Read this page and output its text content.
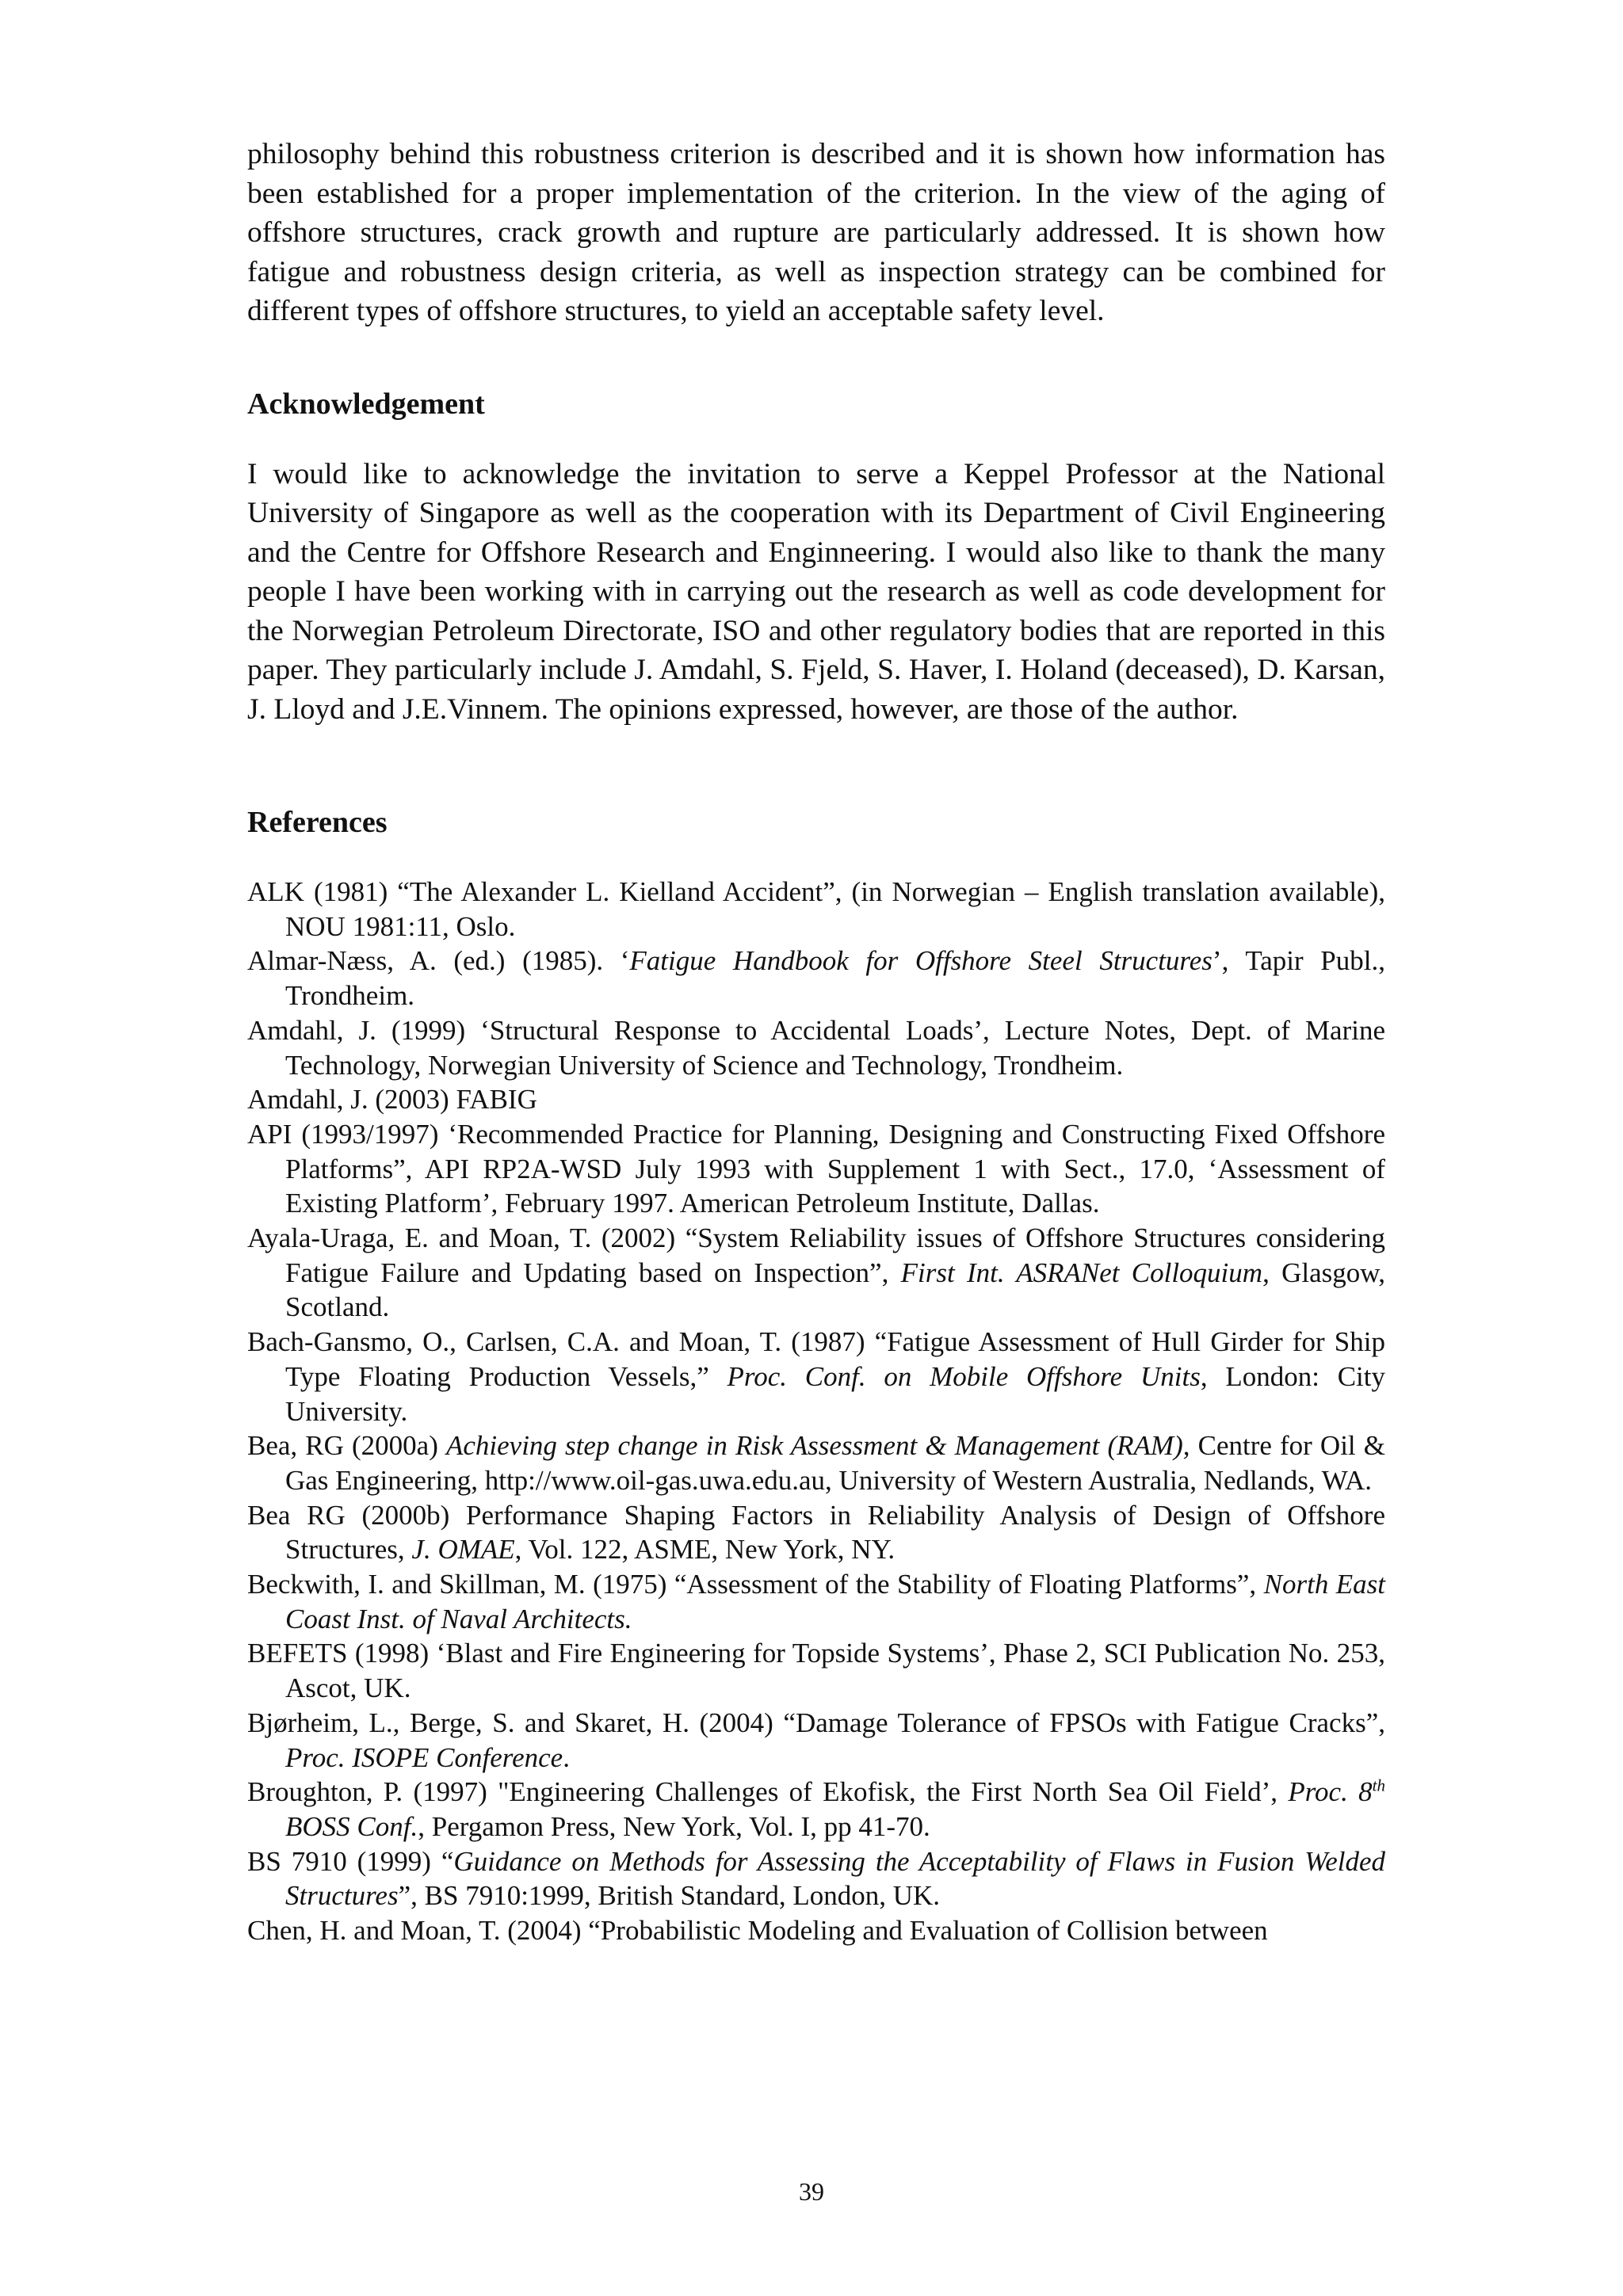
philosophy behind this robustness criterion is described and it is shown how information has been established for a proper implementation of the criterion. In the view of the aging of offshore structures, crack growth and rupture are particularly addressed. It is shown how fatigue and robustness design criteria, as well as inspection strategy can be combined for different types of offshore structures, to yield an acceptable safety level.

Acknowledgement

I would like to acknowledge the invitation to serve a Keppel Professor at the National University of Singapore as well as the cooperation with its Department of Civil Engineering and the Centre for Offshore Research and Enginneering. I would also like to thank the many people I have been working with in carrying out the research as well as code development for the Norwegian Petroleum Directorate, ISO and other regulatory bodies that are reported in this paper. They particularly include J. Amdahl, S. Fjeld, S. Haver, I. Holand (deceased), D. Karsan, J. Lloyd and J.E.Vinnem. The opinions expressed, however, are those of the author.

References
ALK (1981) “The Alexander L. Kielland Accident”, (in Norwegian – English translation available), NOU 1981:11, Oslo.
Almar-Næss, A. (ed.) (1985). ‘Fatigue Handbook for Offshore Steel Structures’, Tapir Publ., Trondheim.
Amdahl, J. (1999) ‘Structural Response to Accidental Loads’, Lecture Notes, Dept. of Marine Technology, Norwegian University of Science and Technology, Trondheim.
Amdahl, J. (2003) FABIG
API (1993/1997) ‘Recommended Practice for Planning, Designing and Constructing Fixed Offshore Platforms”, API RP2A-WSD July 1993 with Supplement 1 with Sect., 17.0, ‘Assessment of Existing Platform’, February 1997. American Petroleum Institute, Dallas.
Ayala-Uraga, E. and Moan, T. (2002) “System Reliability issues of Offshore Structures considering Fatigue Failure and Updating based on Inspection”, First Int. ASRANet Colloquium, Glasgow, Scotland.
Bach-Gansmo, O., Carlsen, C.A. and Moan, T. (1987) “Fatigue Assessment of Hull Girder for Ship Type Floating Production Vessels,” Proc. Conf. on Mobile Offshore Units, London: City University.
Bea, RG (2000a) Achieving step change in Risk Assessment & Management (RAM), Centre for Oil & Gas Engineering, http://www.oil-gas.uwa.edu.au, University of Western Australia, Nedlands, WA.
Bea RG (2000b) Performance Shaping Factors in Reliability Analysis of Design of Offshore Structures, J. OMAE, Vol. 122, ASME, New York, NY.
Beckwith, I. and Skillman, M. (1975) “Assessment of the Stability of Floating Platforms”, North East Coast Inst. of Naval Architects.
BEFETS (1998) ‘Blast and Fire Engineering for Topside Systems’, Phase 2, SCI Publication No. 253, Ascot, UK.
Bjørheim, L., Berge, S. and Skaret, H. (2004) “Damage Tolerance of FPSOs with Fatigue Cracks”, Proc. ISOPE Conference.
Broughton, P. (1997) "Engineering Challenges of Ekofisk, the First North Sea Oil Field’, Proc. 8th BOSS Conf., Pergamon Press, New York, Vol. I, pp 41-70.
BS 7910 (1999) “Guidance on Methods for Assessing the Acceptability of Flaws in Fusion Welded Structures”, BS 7910:1999, British Standard, London, UK.
Chen, H. and Moan, T. (2004) “Probabilistic Modeling and Evaluation of Collision between
39
